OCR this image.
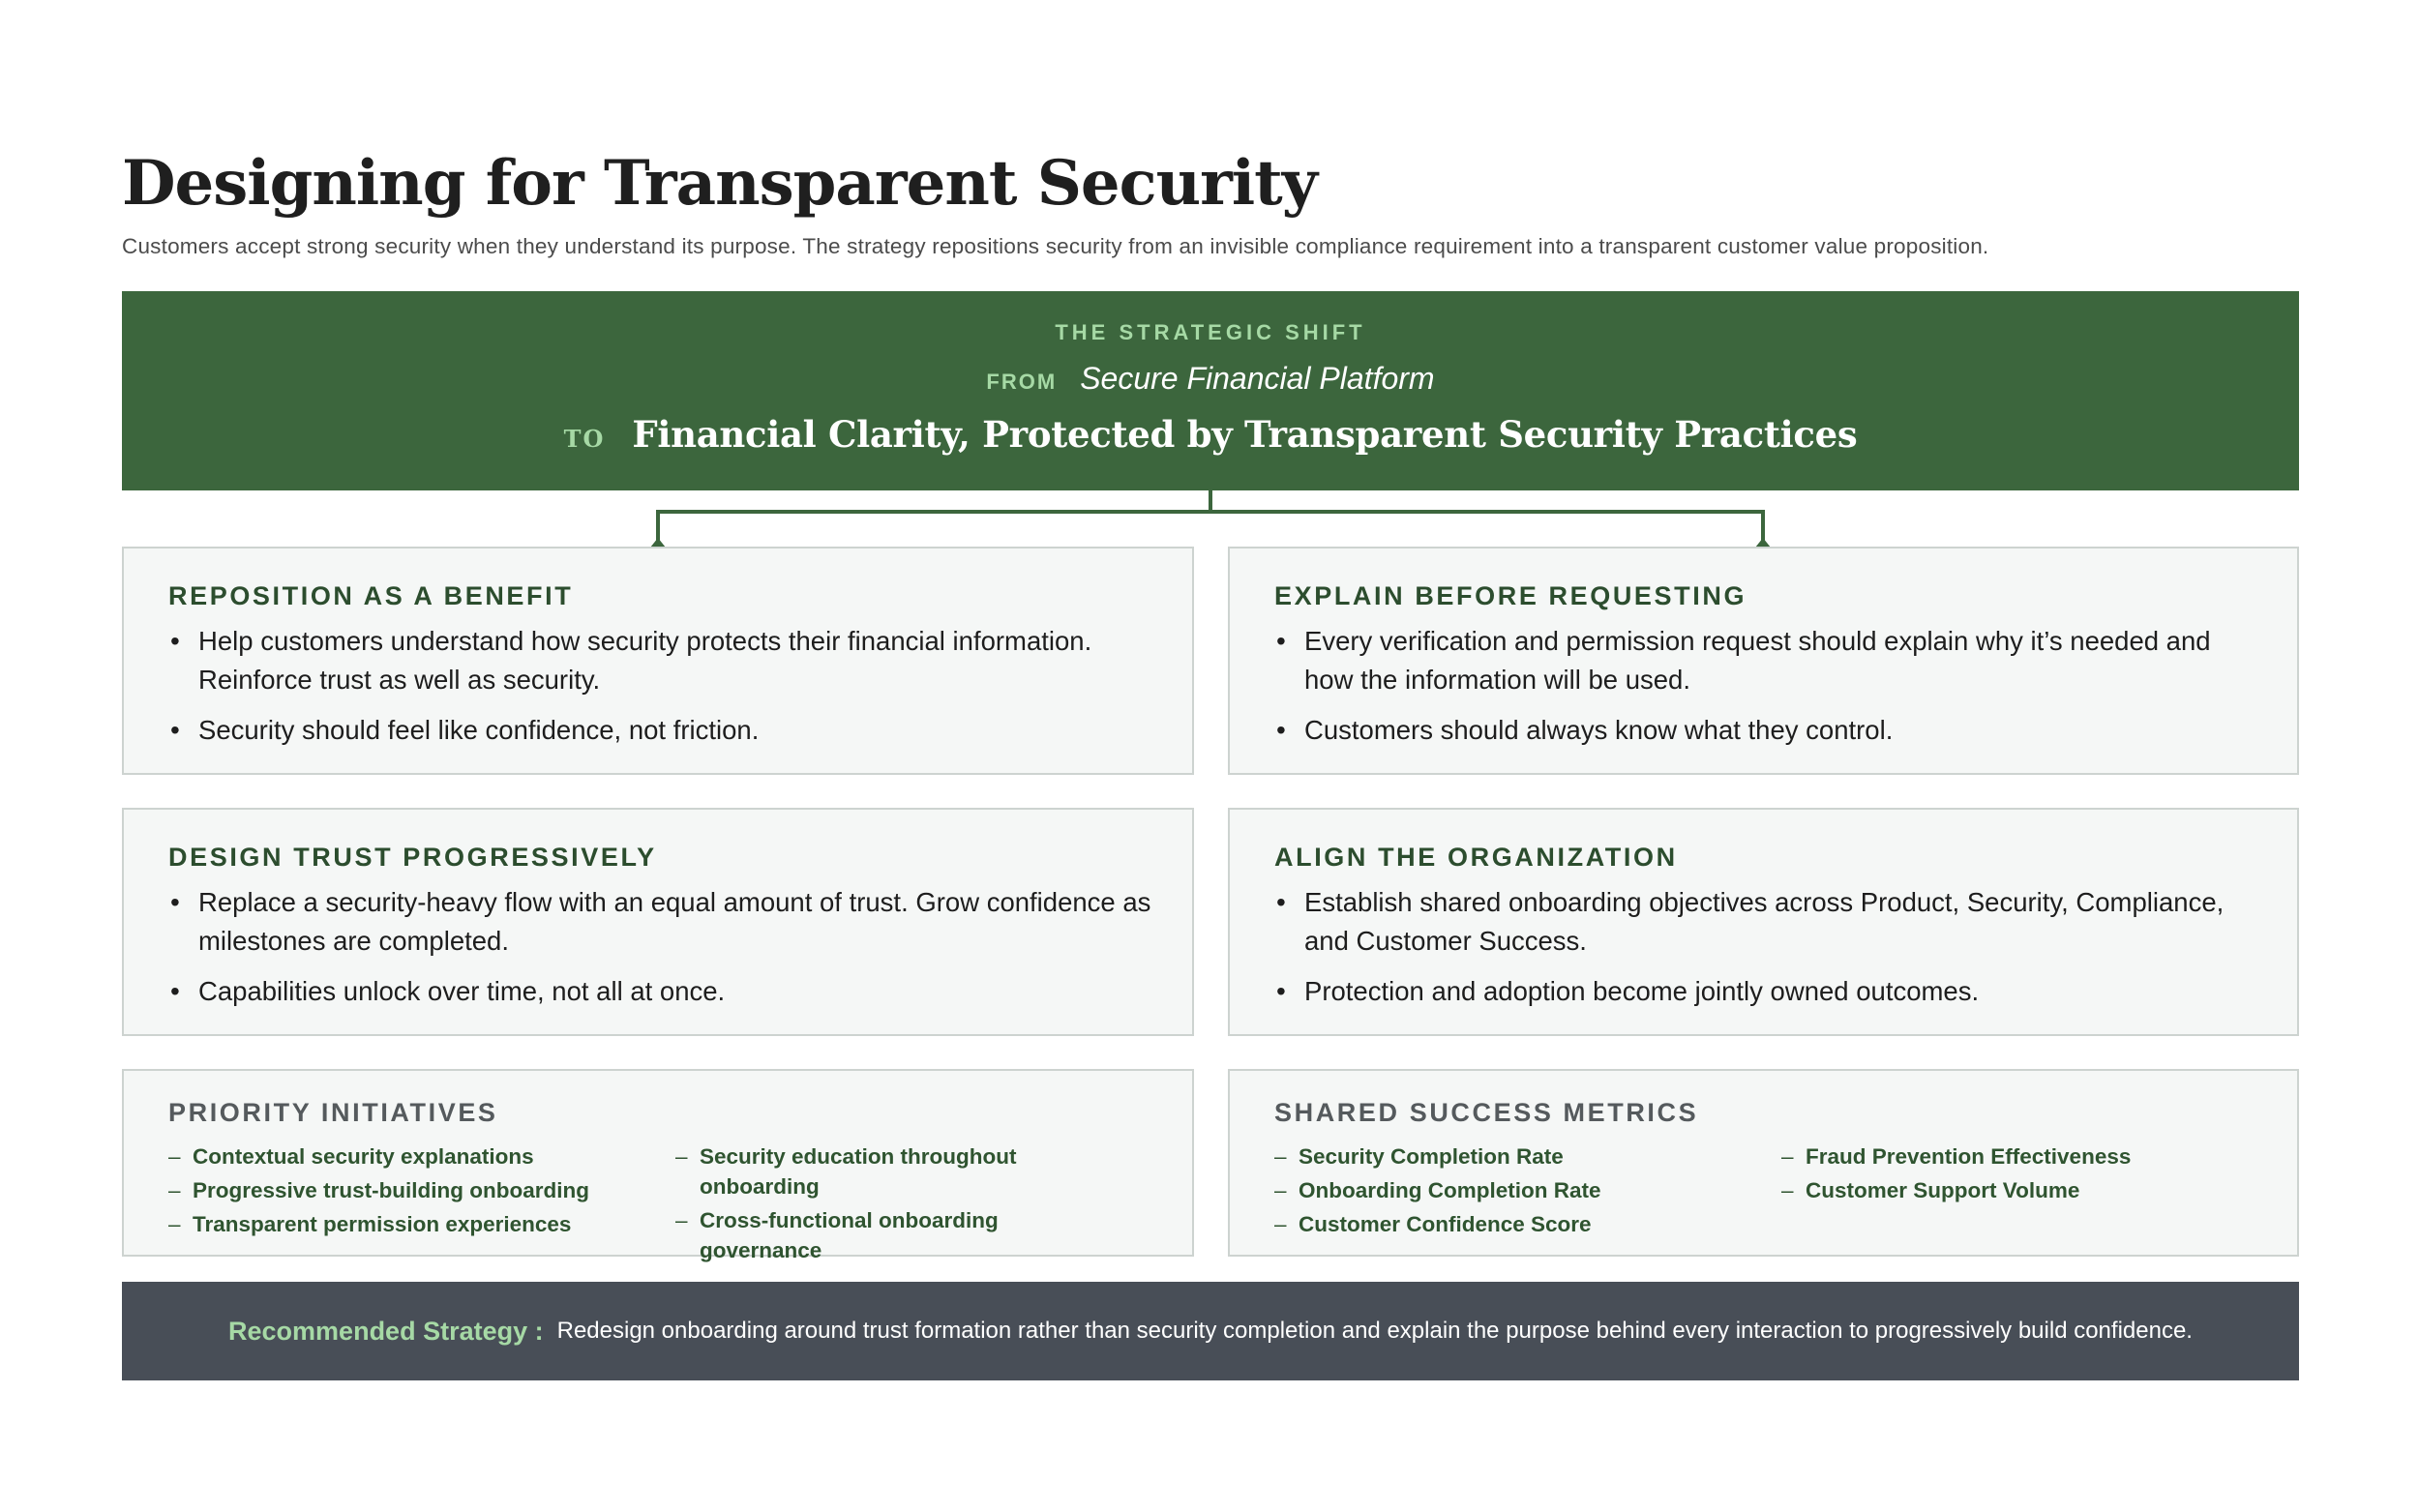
Designing for Transparent Security

Customers accept strong security when they understand its purpose. The strategy repositions security from an invisible compliance requirement into a transparent customer value proposition.

THE STRATEGIC SHIFT
FROM Secure Financial Platform
TO Financial Clarity, Protected by Transparent Security Practices
REPOSITION AS A BENEFIT
• Help customers understand how security protects their financial information. Reinforce trust as well as security.
• Security should feel like confidence, not friction.
EXPLAIN BEFORE REQUESTING
• Every verification and permission request should explain why it’s needed and how the information will be used.
• Customers should always know what they control.
DESIGN TRUST PROGRESSIVELY
• Replace a security-heavy flow with an equal amount of trust. Grow confidence as milestones are completed.
• Capabilities unlock over time, not all at once.
ALIGN THE ORGANIZATION
• Establish shared onboarding objectives across Product, Security, Compliance, and Customer Success.
• Protection and adoption become jointly owned outcomes.
PRIORITY INITIATIVES
– Contextual security explanations
– Progressive trust-building onboarding
– Transparent permission experiences
– Security education throughout onboarding
– Cross-functional onboarding governance
SHARED SUCCESS METRICS
– Security Completion Rate
– Onboarding Completion Rate
– Customer Confidence Score
– Fraud Prevention Effectiveness
– Customer Support Volume
Recommended Strategy : Redesign onboarding around trust formation rather than security completion and explain the purpose behind every interaction to progressively build confidence.
